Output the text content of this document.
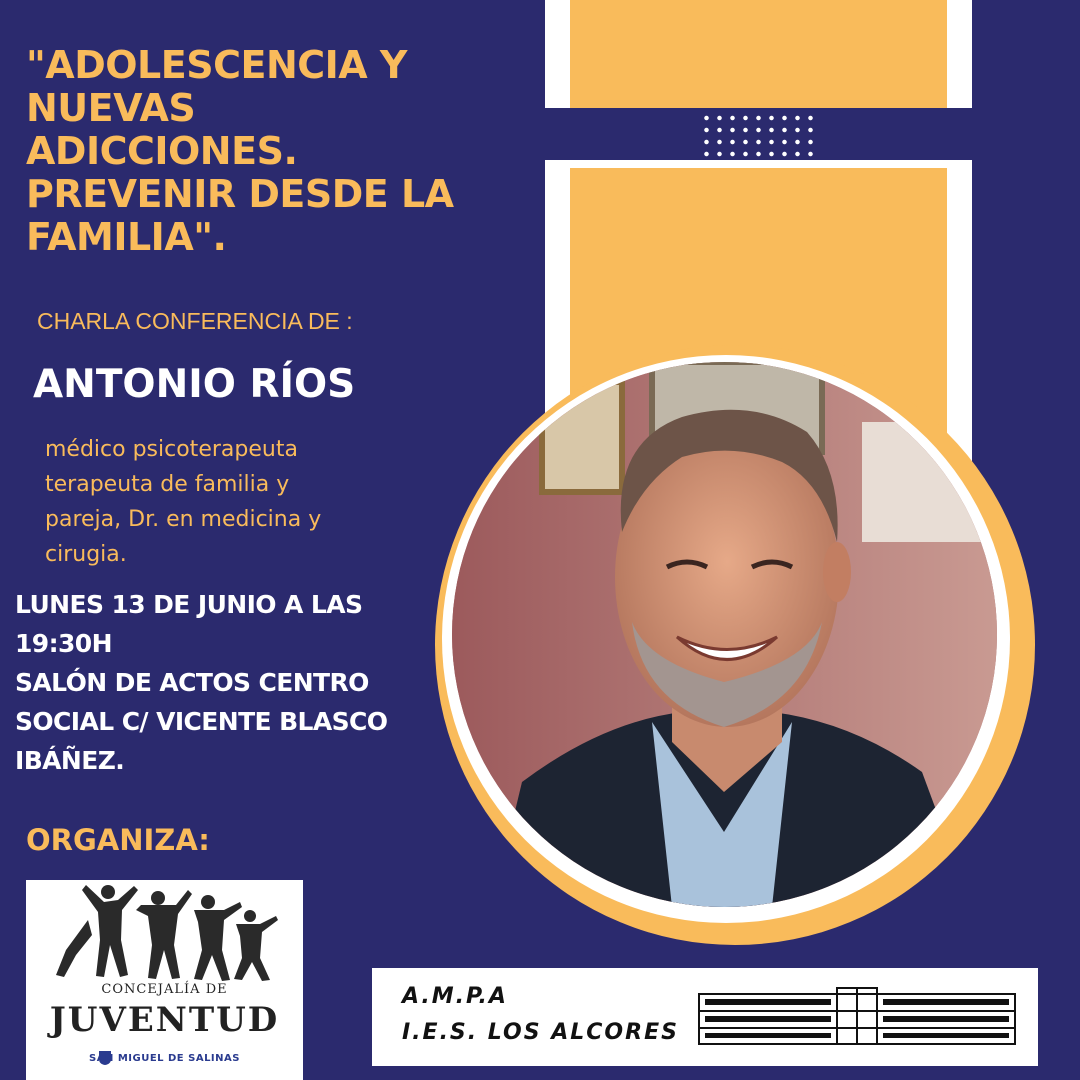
"ADOLESCENCIA Y
NUEVAS
ADICCIONES.
PREVENIR DESDE LA
FAMILIA".

CHARLA CONFERENCIA DE :

ANTONIO RÍOS
médico psicoterapeuta
terapeuta de familia y
pareja, Dr. en medicina y
cirugia.
LUNES 13 DE JUNIO A LAS
19:30H
SALÓN DE ACTOS CENTRO
SOCIAL C/ VICENTE BLASCO
IBÁÑEZ.

ORGANIZA:

CONCEJALÍA DE
JUVENTUD
SAN MIGUEL DE SALINAS
A.M.P.A
I.E.S. LOS ALCORES
